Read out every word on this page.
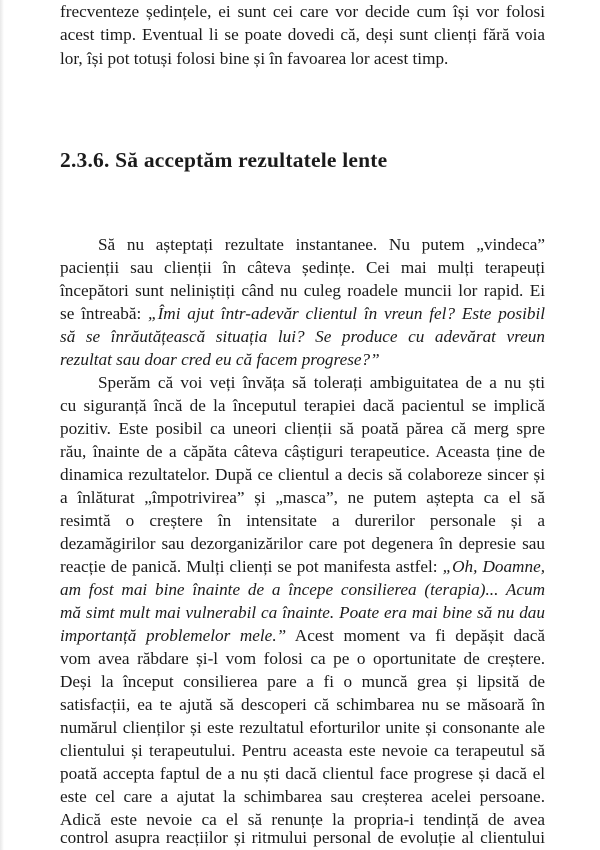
frecventeze ședințele, ei sunt cei care vor decide cum își vor folosi
acest timp. Eventual li se poate dovedi că, deși sunt clienți fără voia
lor, își pot totuși folosi bine și în favoarea lor acest timp.
2.3.6. Să acceptăm rezultatele lente
Să nu așteptați rezultate instantanee. Nu putem „vindeca”
pacienții sau clienții în câteva ședințe. Cei mai mulți terapeuți
începători sunt neliniștiți când nu culeg roadele muncii lor rapid. Ei
se întreabă: „Îmi ajut într-adevăr clientul în vreun fel? Este posibil
să se înrăutățească situația lui? Se produce cu adevărat vreun
rezultat sau doar cred eu că facem progrese?”
Sperăm că voi veți învăța să tolerați ambiguitatea de a nu ști
cu siguranță încă de la începutul terapiei dacă pacientul se implică
pozitiv. Este posibil ca uneori clienții să poată părea că merg spre
rău, înainte de a căpăta câteva câștiguri terapeutice. Aceasta ține de
dinamica rezultatelor. După ce clientul a decis să colaboreze sincer și
a înlăturat „împotrivirea” și „masca”, ne putem aștepta ca el să
resimtă o creștere în intensitate a durerilor personale și a
dezamăgirilor sau dezorganizărilor care pot degenera în depresie sau
reacție de panică. Mulți clienți se pot manifesta astfel: „Oh, Doamne,
am fost mai bine înainte de a începe consilierea (terapia)... Acum
mă simt mult mai vulnerabil ca înainte. Poate era mai bine să nu dau
importanță problemelor mele.” Acest moment va fi depășit dacă
vom avea răbdare și-l vom folosi ca pe o oportunitate de creștere.
Deși la început consilierea pare a fi o muncă grea și lipsită de
satisfacții, ea te ajută să descoperi că schimbarea nu se măsoară în
numărul clienților și este rezultatul eforturilor unite și consonante ale
clientului și terapeutului. Pentru aceasta este nevoie ca terapeutul să
poată accepta faptul de a nu ști dacă clientul face progrese și dacă el
este cel care a ajutat la schimbarea sau creșterea acelei persoane.
Adică este nevoie ca el să renunțe la propria-i tendință de avea
control asupra reacțiilor și ritmului personal de evoluție al clientului
